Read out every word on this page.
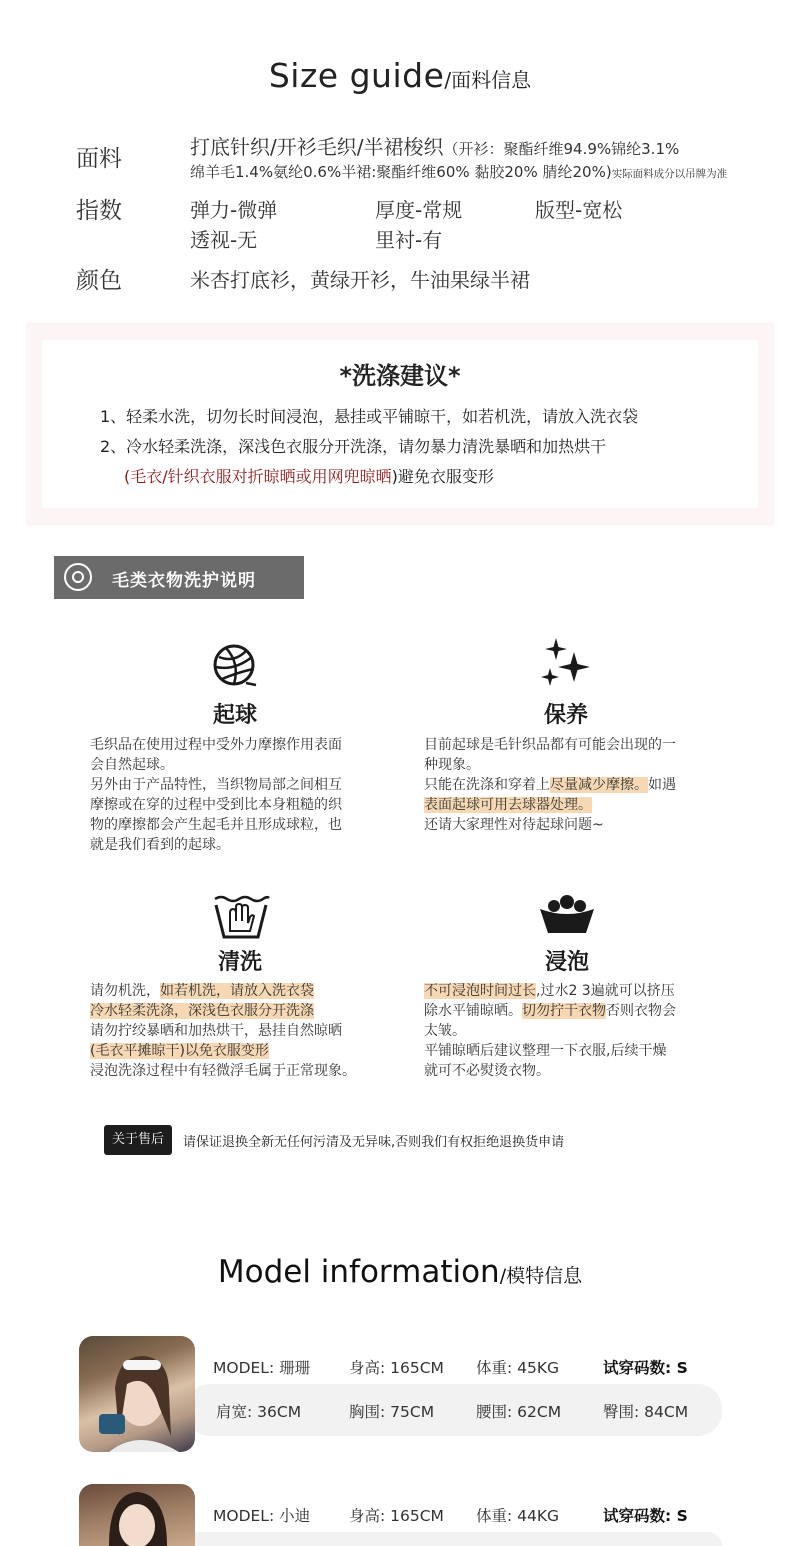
Size guide/面料信息
面料	打底针织/开衫毛织/半裙梭织（开衫：聚酯纤维94.9%锦纶3.1%
绵羊毛1.4%氨纶0.6%半裙:聚酯纤维60% 黏胶20% 腈纶20%)实际面料成分以吊牌为准
指数	弹力-微弹	厚度-常规	版型-宽松
透视-无	里衬-有
颜色	米杏打底衫，黄绿开衫，牛油果绿半裙
*洗涤建议*
1、轻柔水洗，切勿长时间浸泡，悬挂或平铺晾干，如若机洗，请放入洗衣袋
2、冷水轻柔洗涤，深浅色衣服分开洗涤，请勿暴力清洗暴晒和加热烘干
(毛衣/针织衣服对折晾晒或用网兜晾晒)避免衣服变形
毛类衣物洗护说明
起球
毛织品在使用过程中受外力摩擦作用表面
会自然起球。
另外由于产品特性，当织物局部之间相互
摩擦或在穿的过程中受到比本身粗糙的织
物的摩擦都会产生起毛并且形成球粒，也
就是我们看到的起球。
保养
目前起球是毛针织品都有可能会出现的一
种现象。
只能在洗涤和穿着上尽量减少摩擦。如遇
表面起球可用去球器处理。
还请大家理性对待起球问题~
清洗
请勿机洗，如若机洗，请放入洗衣袋
冷水轻柔洗涤，深浅色衣服分开洗涤
请勿拧绞暴晒和加热烘干，悬挂自然晾晒
(毛衣平摊晾干)以免衣服变形
浸泡洗涤过程中有轻微浮毛属于正常现象。
浸泡
不可浸泡时间过长,过水2 3遍就可以挤压
除水平铺晾晒。切勿拧干衣物否则衣物会
太皱。
平铺晾晒后建议整理一下衣服,后续干燥
就可不必熨烫衣物。
关于售后	请保证退换全新无任何污清及无异味,否则我们有权拒绝退换货申请
Model information/模特信息
MODEL: 珊珊	身高: 165CM 体重: 45KG	试穿码数: S
肩宽: 36CM	胸围: 75CM	腰围: 62CM	臀围: 84CM
MODEL: 小迪	身高: 165CM 体重: 44KG	试穿码数: S
